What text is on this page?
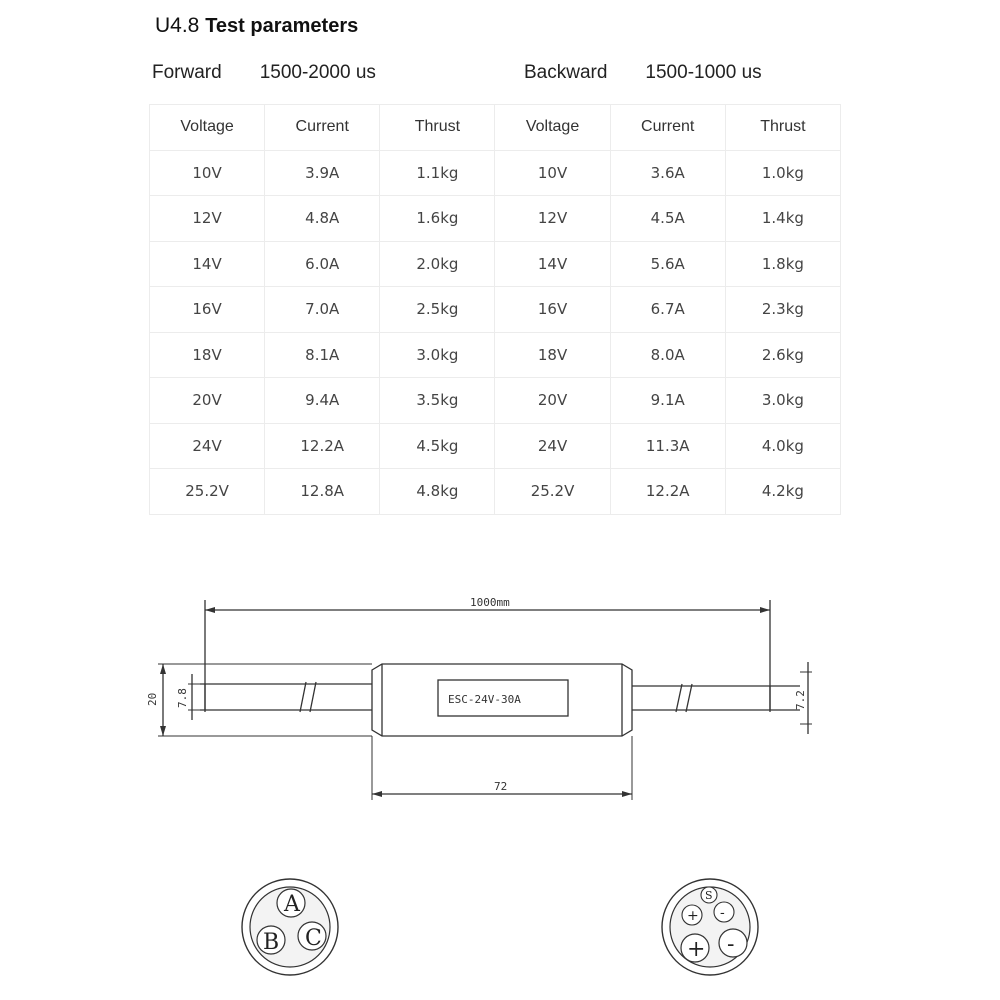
U4.8 Test parameters
Forward 1500-2000 us	Backward 1500-1000 us
Voltage	Current	Thrust	Voltage	Current	Thrust
10V	3.9A	1.1kg	10V	3.6A	1.0kg
12V	4.8A	1.6kg	12V	4.5A	1.4kg
14V	6.0A	2.0kg	14V	5.6A	1.8kg
16V	7.0A	2.5kg	16V	6.7A	2.3kg
18V	8.1A	3.0kg	18V	8.0A	2.6kg
20V	9.4A	3.5kg	20V	9.1A	3.0kg
24V	12.2A	4.5kg	24V	11.3A	4.0kg
25.2V	12.8A	4.8kg	25.2V	12.2A	4.2kg
1000mm
72
20 7.8	7.2
ESC-24V-30A
A
B C
S
+ -
+ -
